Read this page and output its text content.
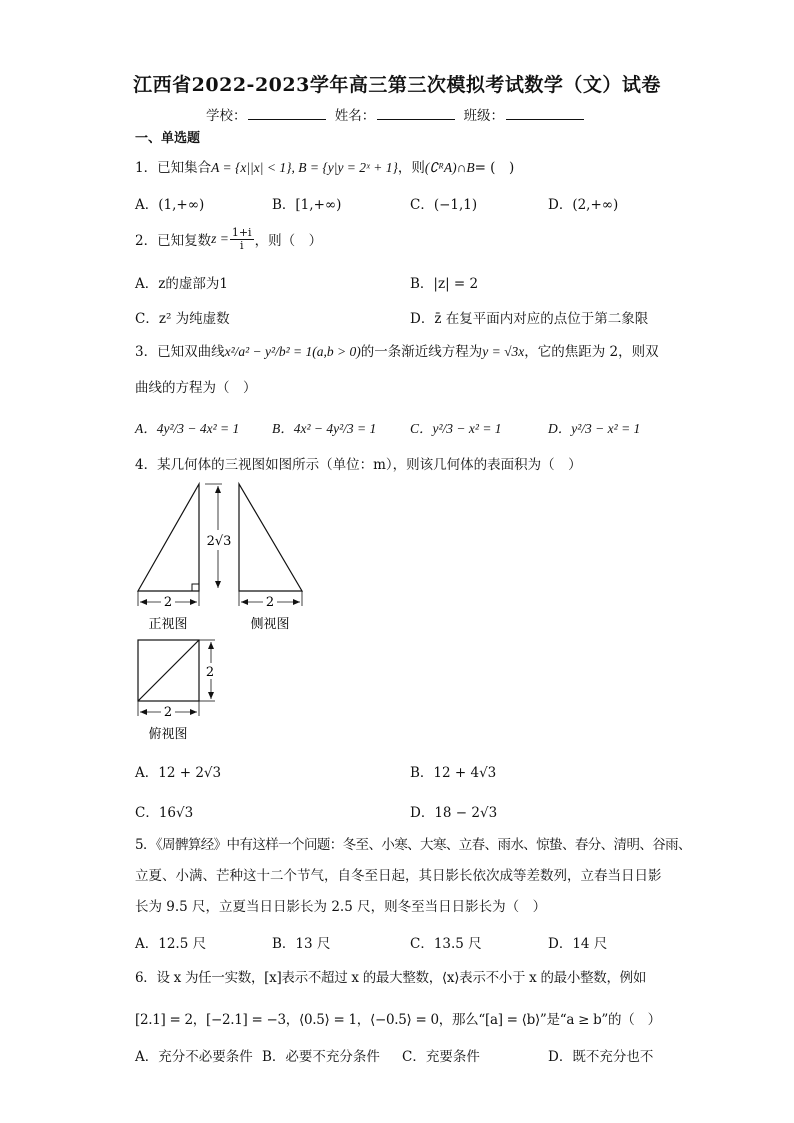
江西省2022-2023学年高三第三次模拟考试数学（文）试卷
学校：	姓名：	班级：
一、单选题
1．已知集合A = {x||x| < 1}, B = {y|y = 2ˣ + 1}，则(∁ᴿA)∩B= (　)
A．(1,+∞)	B．[1,+∞)	C．(−1,1)	D．(2,+∞)
2．已知复数 $z = \frac{1+i}{i}$ ，则（　）
A．z的虚部为1	B．|z| = 2
C．z² 为纯虚数	D．z̄ 在复平面内对应的点位于第二象限
3．已知双曲线x²/a² − y²/b² = 1(a,b > 0)的一条渐近线方程为y = √3x，它的焦距为 2，则双
曲线的方程为（　）
A．4y²/3 − 4x² = 1 B．4x² − 4y²/3 = 1 C．y²/3 − x² = 1	D．y²/3 − x² = 1
4．某几何体的三视图如图所示（单位：m），则该几何体的表面积为（　）
2
正视图
2√3
2
侧视图
2
2
俯视图
A．12 + 2√3	B．12 + 4√3
C．16√3	D．18 − 2√3
5．《周髀算经》中有这样一个问题：冬至、小寒、大寒、立春、雨水、惊蛰、春分、清明、谷雨、
立夏、小满、芒种这十二个节气，自冬至日起，其日影长依次成等差数列，立春当日日影
长为 9.5 尺，立夏当日日影长为 2.5 尺，则冬至当日日影长为（　）
A．12.5 尺	B．13 尺	C．13.5 尺	D．14 尺
6．设 x 为任一实数，[x]表示不超过 x 的最大整数，⟨x⟩表示不小于 x 的最小整数，例如
[2.1] = 2，[−2.1] = −3，⟨0.5⟩ = 1，⟨−0.5⟩ = 0，那么“[a] = ⟨b⟩”是“a ≥ b”的（　）
A．充分不必要条件 B．必要不充分条件 C．充要条件	D．既不充分也不
